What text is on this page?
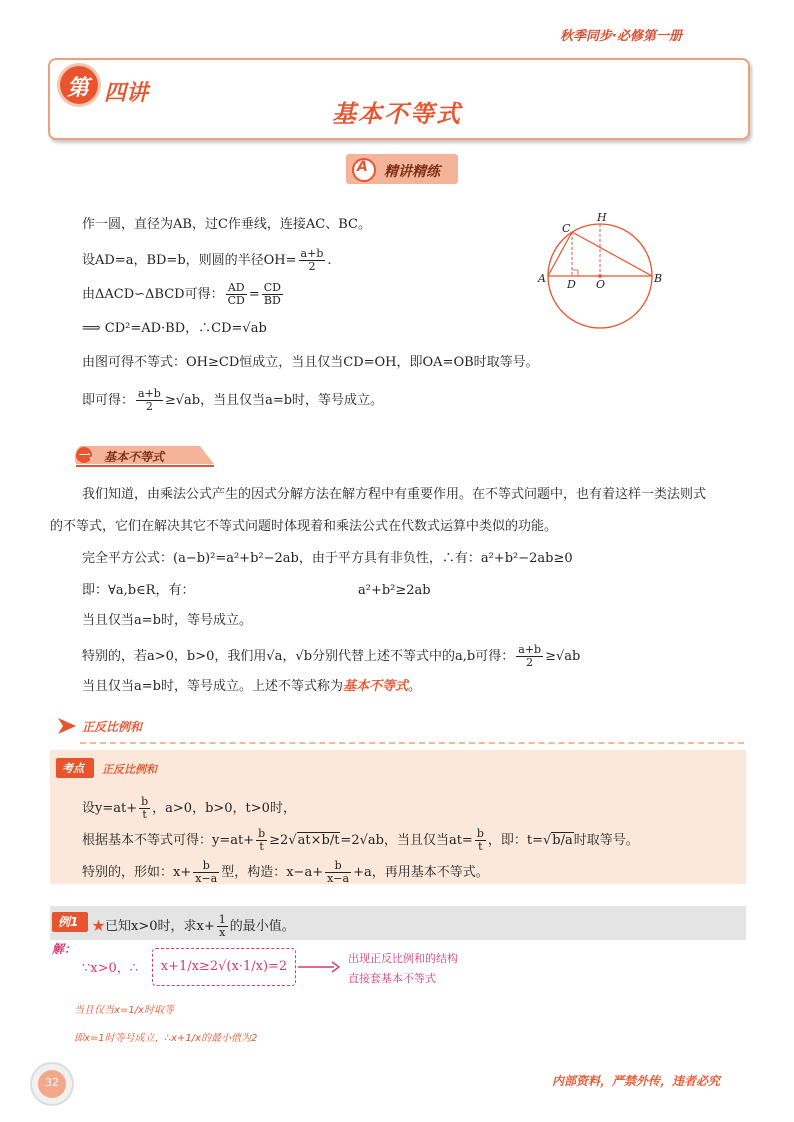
秋季同步·必修第一册
第 四讲
基本不等式
A 精讲精练
作一圆，直径为AB，过C作垂线，连接AC、BC。
设AD=a，BD=b，则圆的半径$OH= \frac{a+b}{2}$ .
由ΔACD∽ΔBCD可得： $\frac{AD}{CD} = \frac{CD}{BD}$
⟹ CD²=AD·BD，∴CD=√ab
由图可得不等式：OH≥CD恒成立，当且仅当CD=OH，即OA=OB时取等号。
即可得： $\frac{a+b}{2} \ge√ab$，当且仅当a=b时，等号成立。
A	B
C
D O
H
一、 基本不等式
我们知道，由乘法公式产生的因式分解方法在解方程中有重要作用。在不等式问题中，也有着这样一类法则式
的不等式，它们在解决其它不等式问题时体现着和乘法公式在代数式运算中类似的功能。
完全平方公式：(a−b)²=a²+b²−2ab，由于平方具有非负性，∴有：a²+b²−2ab≥0
即：∀a,b∈R，有：	a²+b²≥2ab
当且仅当a=b时，等号成立。
特别的，若a>0，b>0，我们用√a，√b分别代替上述不等式中的a,b可得： $\frac{a+b}{2} \ge√ab$
当且仅当a=b时，等号成立。上述不等式称为基本不等式。
正反比例和
考点 正反比例和
设$y=at+ \frac{b}{t}$ ，a>0，b>0，t>0时，
根据基本不等式可得：$y=at+ \frac{b}{t} \ge 2√at\times b/t=2√ab$，当且仅当$at= \frac{b}{t}$ ，即：t=√b/a时取等号。
特别的，形如：$x+ \frac{b}{x-a}$ 型，构造：$x-a+ \frac{b}{x-a} +a$，再用基本不等式。
例1 ★已知x>0时，求$x+ \frac{1}{x}$ 的最小值。
解：
∵x>0，∴	x+1/x≥2√(x·1/x)=2
出现正反比例和的结构
直接套基本不等式
当且仅当x=1/x时取等
即x=1时等号成立，∴x+1/x的最小值为2
32	内部资料，严禁外传，违者必究
